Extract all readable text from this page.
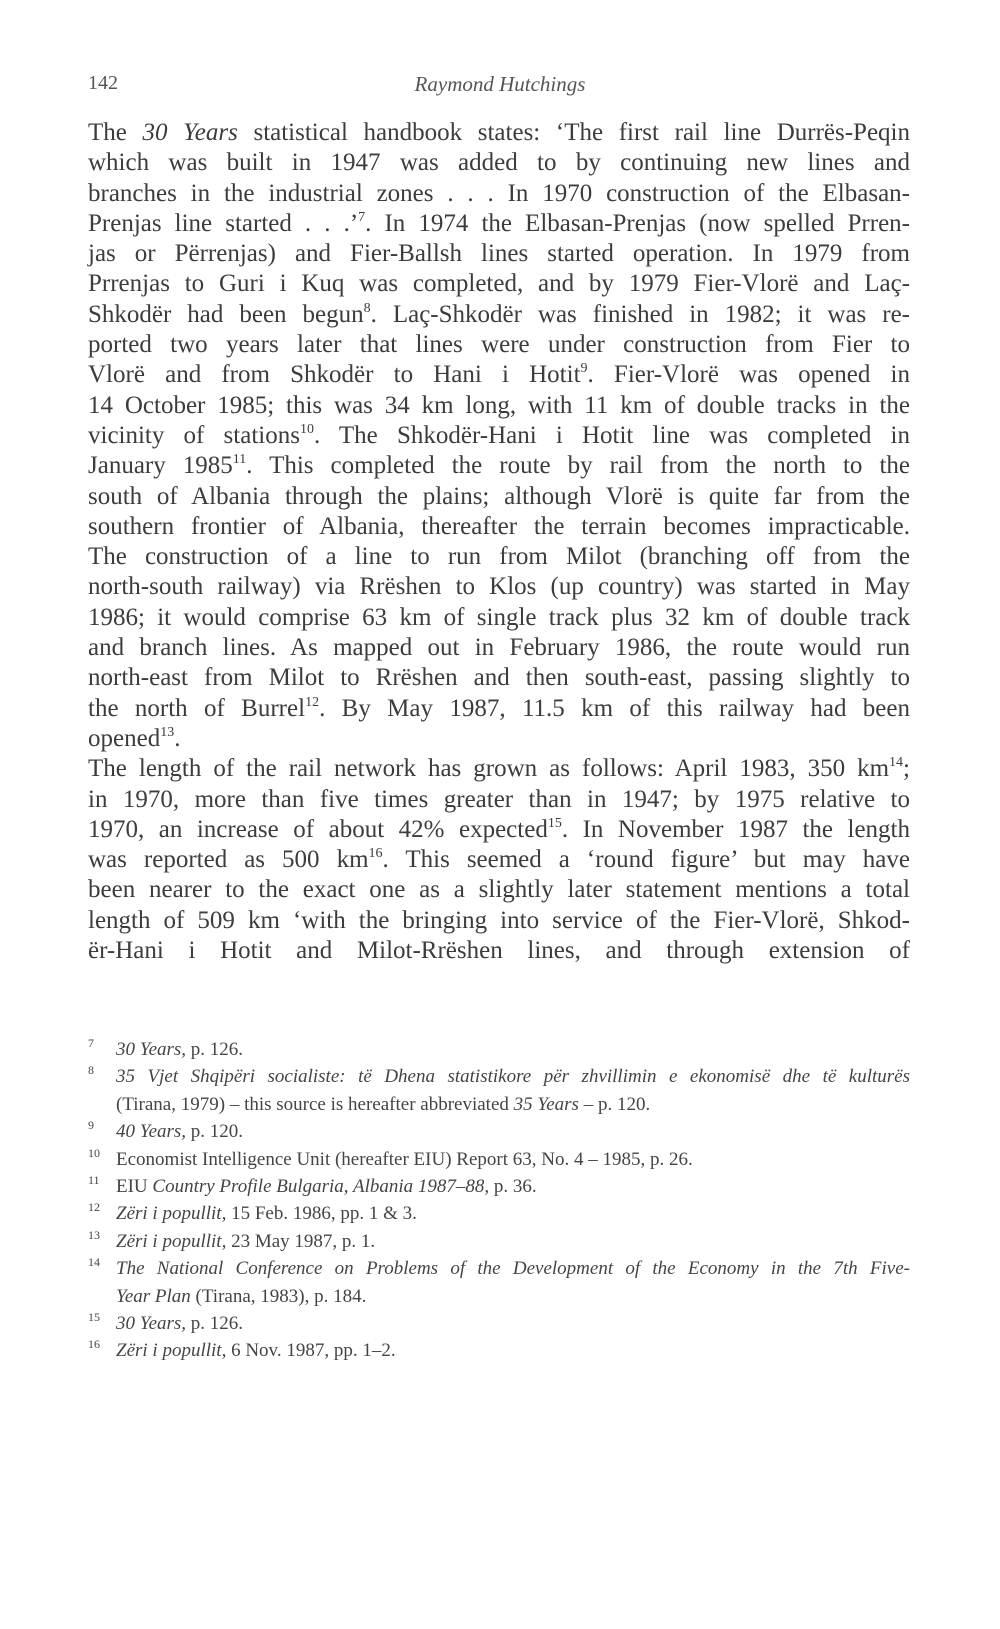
142	Raymond Hutchings
The 30 Years statistical handbook states: ‘The first rail line Durrës-Peqin
which was built in 1947 was added to by continuing new lines and
branches in the industrial zones . . . In 1970 construction of the Elbasan-
Prenjas line started . . .’$^7$. In 1974 the Elbasan-Prenjas (now spelled Prren-
jas or Përrenjas) and Fier-Ballsh lines started operation. In 1979 from
Prrenjas to Guri i Kuq was completed, and by 1979 Fier-Vlorë and Laç-
Shkodër had been begun$^8$. Laç-Shkodër was finished in 1982; it was re-
ported two years later that lines were under construction from Fier to
Vlorë and from Shkodër to Hani i Hotit$^9$. Fier-Vlorë was opened in
14 October 1985; this was 34 km long, with 11 km of double tracks in the
vicinity of stations$^{10}$. The Shkodër-Hani i Hotit line was completed in
January 1985$^{11}$. This completed the route by rail from the north to the
south of Albania through the plains; although Vlorë is quite far from the
southern frontier of Albania, thereafter the terrain becomes impracticable.
The construction of a line to run from Milot (branching off from the
north-south railway) via Rrëshen to Klos (up country) was started in May
1986; it would comprise 63 km of single track plus 32 km of double track
and branch lines. As mapped out in February 1986, the route would run
north-east from Milot to Rrëshen and then south-east, passing slightly to
the north of Burrel$^{12}$. By May 1987, 11.5 km of this railway had been
opened$^{13}$.
The length of the rail network has grown as follows: April 1983, 350 $km^{14}$;
in 1970, more than five times greater than in 1947; by 1975 relative to
1970, an increase of about 42% expected$^{15}$. In November 1987 the length
was reported as 500 $km^{16}$. This seemed a ‘round figure’ but may have
been nearer to the exact one as a slightly later statement mentions a total
length of 509 km ‘with the bringing into service of the Fier-Vlorë, Shkod-
ër-Hani i Hotit and Milot-Rrëshen lines, and through extension of
7 30 Years, p. 126.
8 35 Vjet Shqipëri socialiste: të Dhena statistikore për zhvillimin e ekonomisë dhe të kulturës
(Tirana, 1979) – this source is hereafter abbreviated 35 Years – p. 120.
9 40 Years, p. 120.
10 Economist Intelligence Unit (hereafter EIU) Report 63, No. 4 – 1985, p. 26.
11 EIU Country Profile Bulgaria, Albania 1987–88, p. 36.
12 Zëri i popullit, 15 Feb. 1986, pp. 1 & 3.
13 Zëri i popullit, 23 May 1987, p. 1.
14 The National Conference on Problems of the Development of the Economy in the 7th Five-
Year Plan (Tirana, 1983), p. 184.
15 30 Years, p. 126.
16 Zëri i popullit, 6 Nov. 1987, pp. 1–2.
